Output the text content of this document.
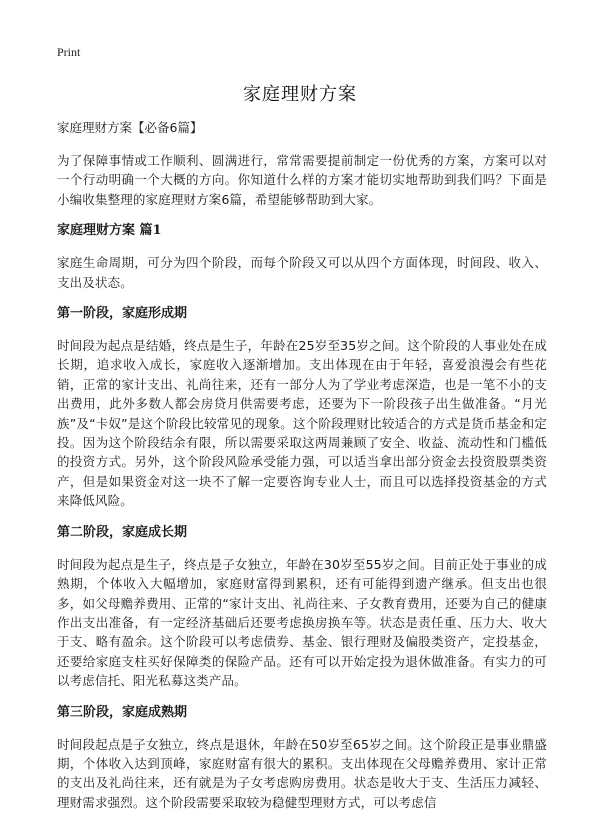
Print
家庭理财方案
家庭理财方案【必备6篇】

为了保障事情或工作顺利、圆满进行，常常需要提前制定一份优秀的方案，方案可以对一个行动明确一个大概的方向。你知道什么样的方案才能切实地帮助到我们吗？下面是小编收集整理的家庭理财方案6篇，希望能够帮助到大家。

家庭理财方案 篇1

家庭生命周期，可分为四个阶段，而每个阶段又可以从四个方面体现，时间段、收入、支出及状态。

第一阶段，家庭形成期

时间段为起点是结婚，终点是生子，年龄在25岁至35岁之间。这个阶段的人事业处在成长期，追求收入成长，家庭收入逐渐增加。支出体现在由于年轻，喜爱浪漫会有些花销，正常的家计支出、礼尚往来，还有一部分人为了学业考虑深造，也是一笔不小的支出费用，此外多数人都会房贷月供需要考虑，还要为下一阶段孩子出生做准备。“月光族”及“卡奴”是这个阶段比较常见的现象。这个阶段理财比较适合的方式是货币基金和定投。因为这个阶段结余有限，所以需要采取这两周兼顾了安全、收益、流动性和门槛低的投资方式。另外，这个阶段风险承受能力强，可以适当拿出部分资金去投资股票类资产，但是如果资金对这一块不了解一定要咨询专业人士，而且可以选择投资基金的方式来降低风险。

第二阶段，家庭成长期

时间段为起点是生子，终点是子女独立，年龄在30岁至55岁之间。目前正处于事业的成熟期，个体收入大幅增加，家庭财富得到累积，还有可能得到遗产继承。但支出也很多，如父母赡养费用、正常的“家计支出、礼尚往来、子女教育费用，还要为自己的健康作出支出准备，有一定经济基础后还要考虑换房换车等。状态是责任重、压力大、收大于支、略有盈余。这个阶段可以考虑债券、基金、银行理财及偏股类资产，定投基金，还要给家庭支柱买好保障类的保险产品。还有可以开始定投为退休做准备。有实力的可以考虑信托、阳光私募这类产品。

第三阶段，家庭成熟期

时间段起点是子女独立，终点是退休，年龄在50岁至65岁之间。这个阶段正是事业鼎盛期，个体收入达到顶峰，家庭财富有很大的累积。支出体现在父母赡养费用、家计正常的支出及礼尚往来，还有就是为子女考虑购房费用。状态是收大于支、生活压力减轻、理财需求强烈。这个阶段需要采取较为稳健型理财方式，可以考虑信
